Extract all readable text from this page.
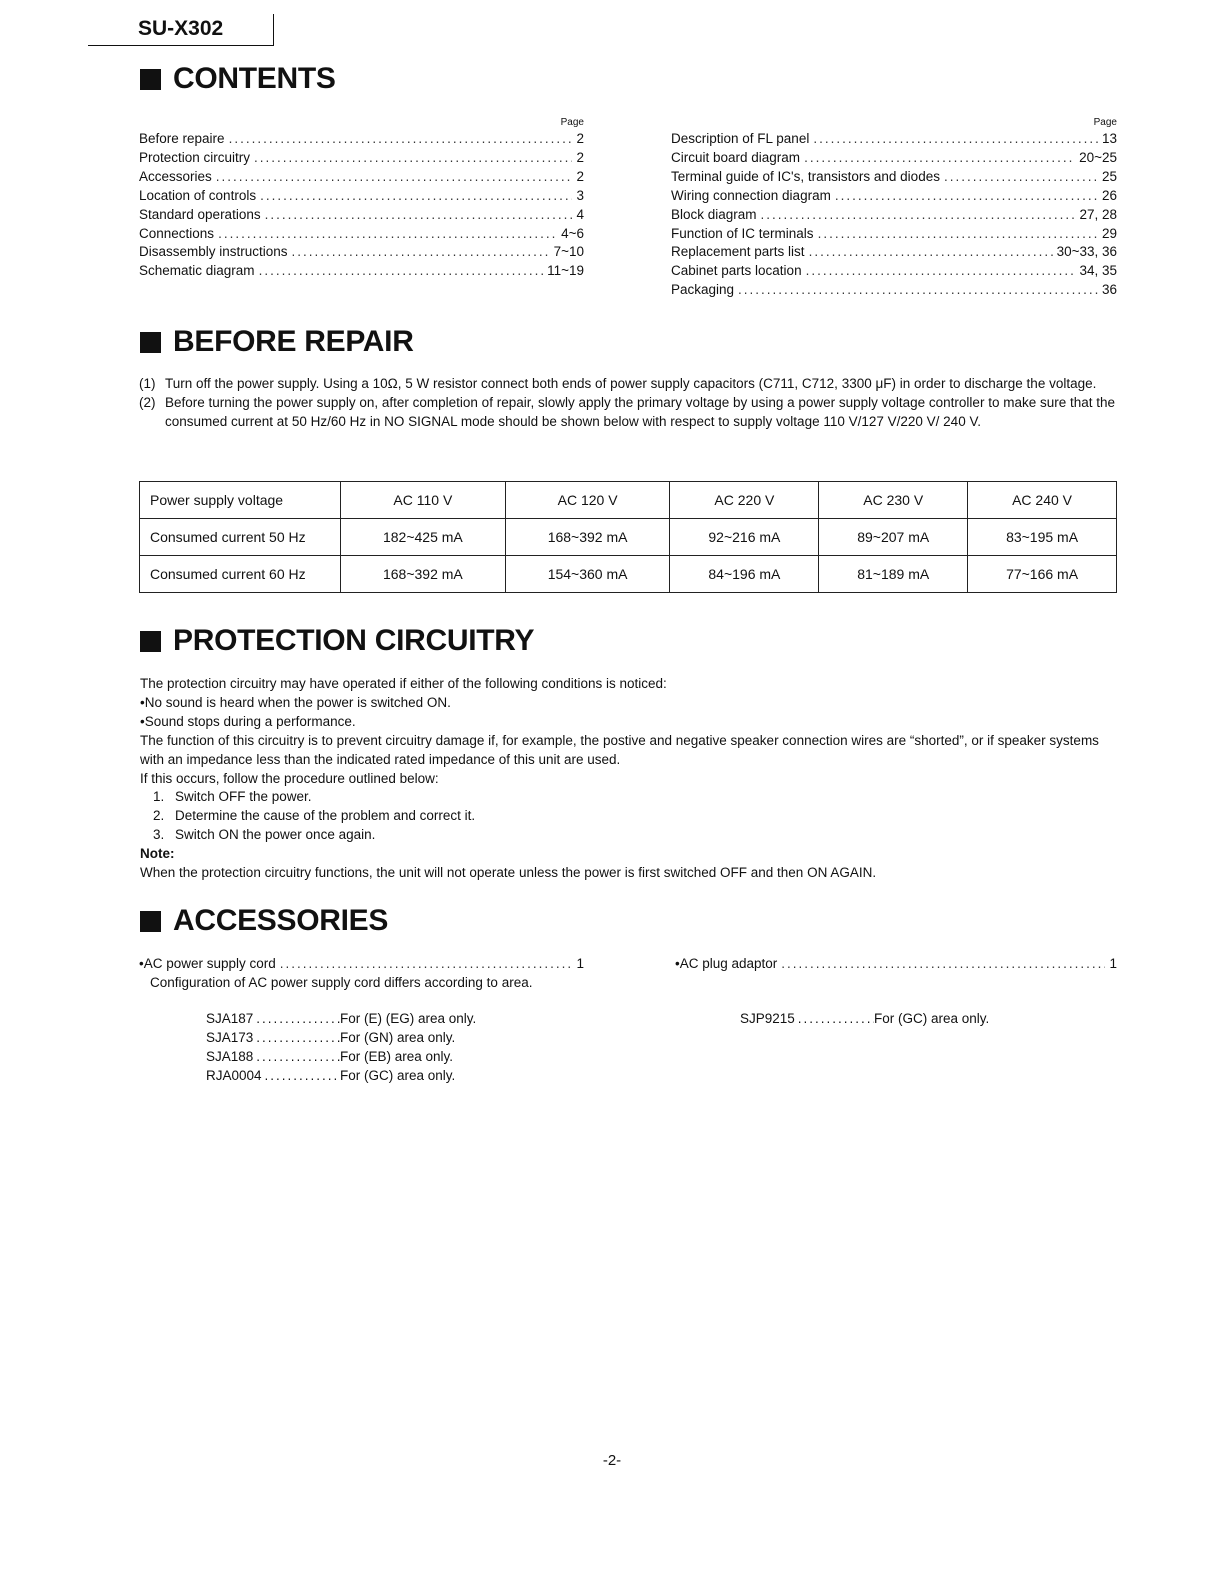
SU-X302
CONTENTS
Page
Before repaire .....	2
Protection circuitry .....	2
Accessories .....	2
Location of controls .....	3
Standard operations .....	4
Connections .....	4~6
Disassembly instructions .....	7~10
Schematic diagram .....	11~19
Page
Description of FL panel .....	13
Circuit board diagram .....	20~25
Terminal guide of IC's, transistors and diodes .....	25
Wiring connection diagram .....	26
Block diagram .....	27, 28
Function of IC terminals .....	29
Replacement parts list .....	30~33, 36
Cabinet parts location .....	34, 35
Packaging .....	36
BEFORE REPAIR
(1) Turn off the power supply. Using a 10Ω, 5 W resistor connect both ends of power supply capacitors (C711, C712, 3300 μF) in order to discharge the voltage.
(2) Before turning the power supply on, after completion of repair, slowly apply the primary voltage by using a power supply voltage controller to make sure that the consumed current at 50 Hz/60 Hz in NO SIGNAL mode should be shown below with respect to supply voltage 110 V/127 V/220 V/ 240 V.
Power supply voltage	AC 110 V	AC 120 V	AC 220 V	AC 230 V	AC 240 V
Consumed current 50 Hz	182~425 mA	168~392 mA	92~216 mA	89~207 mA	83~195 mA
Consumed current 60 Hz	168~392 mA	154~360 mA	84~196 mA	81~189 mA	77~166 mA
PROTECTION CIRCUITRY
The protection circuitry may have operated if either of the following conditions is noticed:
•No sound is heard when the power is switched ON.
•Sound stops during a performance.
The function of this circuitry is to prevent circuitry damage if, for example, the postive and negative speaker connection wires are “shorted”, or if speaker systems with an impedance less than the indicated rated impedance of this unit are used.
If this occurs, follow the procedure outlined below:
1. Switch OFF the power.
2. Determine the cause of the problem and correct it.
3. Switch ON the power once again.
Note:
When the protection circuitry functions, the unit will not operate unless the power is first switched OFF and then ON AGAIN.
ACCESSORIES
•AC power supply cord .....	1
Configuration of AC power supply cord differs according to area.
•AC plug adaptor .....	1
SJA187 .....	For (E) (EG) area only.
SJA173 .....	For (GN) area only.
SJA188 .....	For (EB) area only.
RJA0004 .....	For (GC) area only.
SJP9215 .....	For (GC) area only.
-2-
